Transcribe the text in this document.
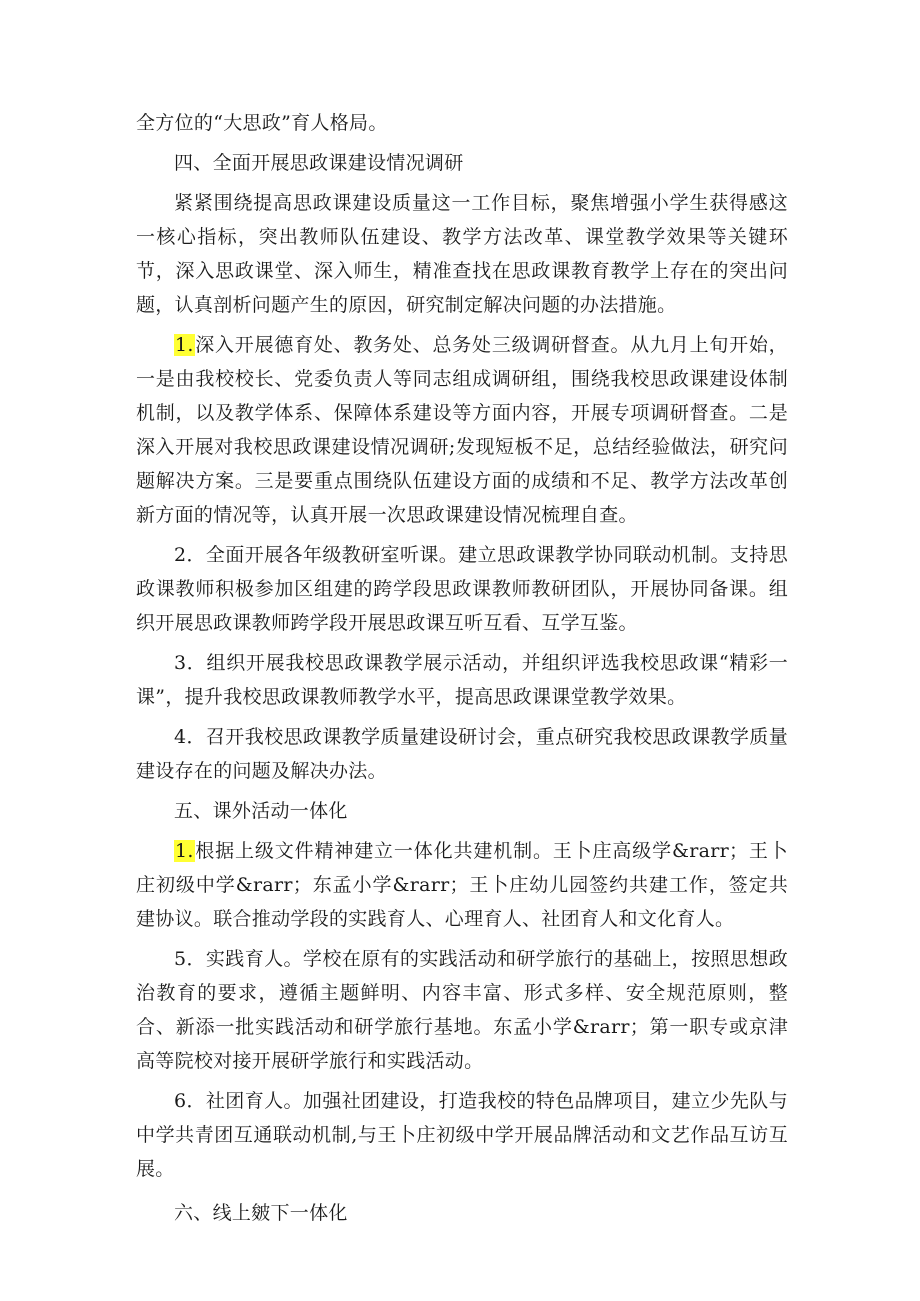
全方位的“大思政”育人格局。

四、全面开展思政课建设情况调研

紧紧围绕提高思政课建设质量这一工作目标，聚焦增强小学生获得感这一核心指标，突出教师队伍建设、教学方法改革、课堂教学效果等关键环节，深入思政课堂、深入师生，精准查找在思政课教育教学上存在的突出问题，认真剖析问题产生的原因，研究制定解决问题的办法措施。

1.深入开展德育处、教务处、总务处三级调研督查。从九月上旬开始，一是由我校校长、党委负责人等同志组成调研组，围绕我校思政课建设体制机制，以及教学体系、保障体系建设等方面内容，开展专项调研督查。二是深入开展对我校思政课建设情况调研;发现短板不足，总结经验做法，研究问题解决方案。三是要重点围绕队伍建设方面的成绩和不足、教学方法改革创新方面的情况等，认真开展一次思政课建设情况梳理自查。

2．全面开展各年级教研室听课。建立思政课教学协同联动机制。支持思政课教师积极参加区组建的跨学段思政课教师教研团队，开展协同备课。组织开展思政课教师跨学段开展思政课互听互看、互学互鉴。

3．组织开展我校思政课教学展示活动，并组织评选我校思政课“精彩一课”，提升我校思政课教师教学水平，提高思政课课堂教学效果。

4．召开我校思政课教学质量建设研讨会，重点研究我校思政课教学质量建设存在的问题及解决办法。

五、课外活动一体化

1.根据上级文件精神建立一体化共建机制。王卜庄高级学&rarr；王卜庄初级中学&rarr；东孟小学&rarr；王卜庄幼儿园签约共建工作，签定共建协议。联合推动学段的实践育人、心理育人、社团育人和文化育人。

5．实践育人。学校在原有的实践活动和研学旅行的基础上，按照思想政治教育的要求，遵循主题鲜明、内容丰富、形式多样、安全规范原则，整合、新添一批实践活动和研学旅行基地。东孟小学&rarr；第一职专或京津高等院校对接开展研学旅行和实践活动。

6．社团育人。加强社团建设，打造我校的特色品牌项目，建立少先队与中学共青团互通联动机制,与王卜庄初级中学开展品牌活动和文艺作品互访互展。

六、线上皴下一体化
